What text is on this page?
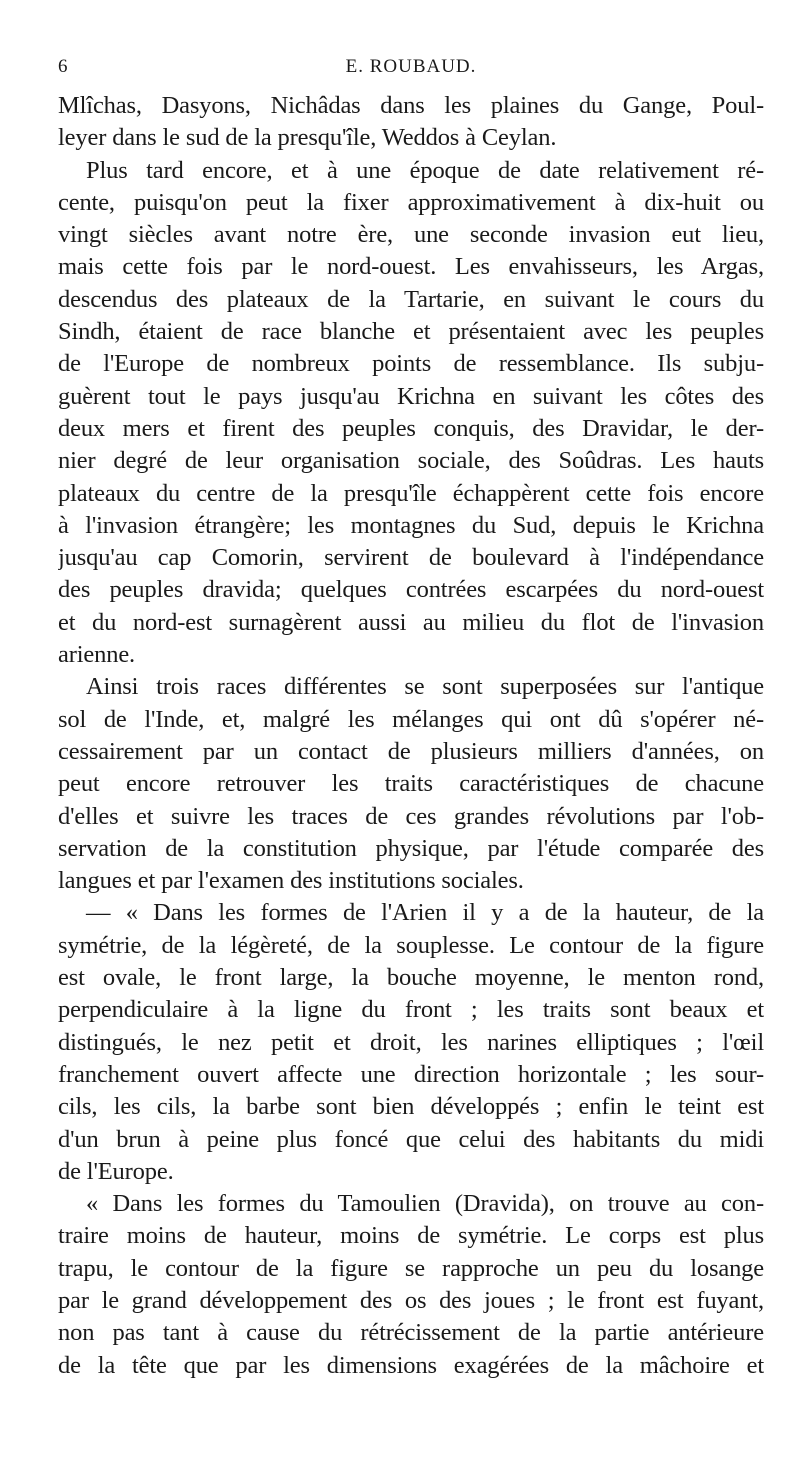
6	E. ROUBAUD.
Mlîchas, Dasyons, Nichâdas dans les plaines du Gange, Poul-
leyer dans le sud de la presqu'île, Weddos à Ceylan.
Plus tard encore, et à une époque de date relativement ré-
cente, puisqu'on peut la fixer approximativement à dix-huit ou
vingt siècles avant notre ère, une seconde invasion eut lieu,
mais cette fois par le nord-ouest. Les envahisseurs, les Argas,
descendus des plateaux de la Tartarie, en suivant le cours du
Sindh, étaient de race blanche et présentaient avec les peuples
de l'Europe de nombreux points de ressemblance. Ils subju-
guèrent tout le pays jusqu'au Krichna en suivant les côtes des
deux mers et firent des peuples conquis, des Dravidar, le der-
nier degré de leur organisation sociale, des Soûdras. Les hauts
plateaux du centre de la presqu'île échappèrent cette fois encore
à l'invasion étrangère; les montagnes du Sud, depuis le Krichna
jusqu'au cap Comorin, servirent de boulevard à l'indépendance
des peuples dravida; quelques contrées escarpées du nord-ouest
et du nord-est surnagèrent aussi au milieu du flot de l'invasion
arienne.
Ainsi trois races différentes se sont superposées sur l'antique
sol de l'Inde, et, malgré les mélanges qui ont dû s'opérer né-
cessairement par un contact de plusieurs milliers d'années, on
peut encore retrouver les traits caractéristiques de chacune
d'elles et suivre les traces de ces grandes révolutions par l'ob-
servation de la constitution physique, par l'étude comparée des
langues et par l'examen des institutions sociales.
— « Dans les formes de l'Arien il y a de la hauteur, de la
symétrie, de la légèreté, de la souplesse. Le contour de la figure
est ovale, le front large, la bouche moyenne, le menton rond,
perpendiculaire à la ligne du front ; les traits sont beaux et
distingués, le nez petit et droit, les narines elliptiques ; l'œil
franchement ouvert affecte une direction horizontale ; les sour-
cils, les cils, la barbe sont bien développés ; enfin le teint est
d'un brun à peine plus foncé que celui des habitants du midi
de l'Europe.
« Dans les formes du Tamoulien (Dravida), on trouve au con-
traire moins de hauteur, moins de symétrie. Le corps est plus
trapu, le contour de la figure se rapproche un peu du losange
par le grand développement des os des joues ; le front est fuyant,
non pas tant à cause du rétrécissement de la partie antérieure
de la tête que par les dimensions exagérées de la mâchoire et
